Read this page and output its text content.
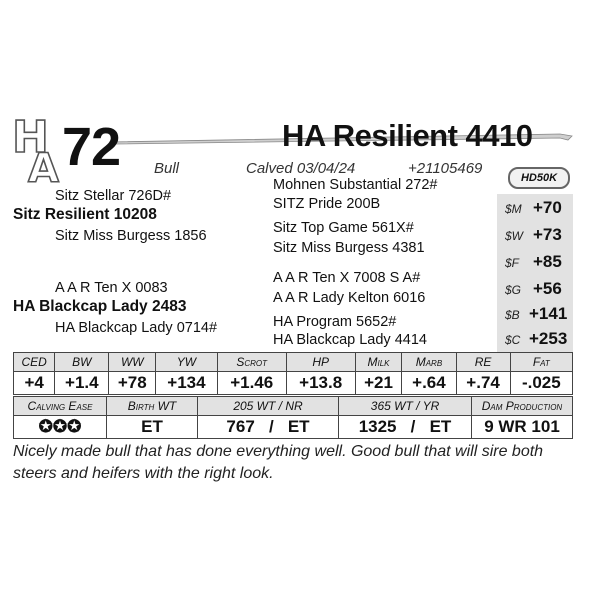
H
A 72	HA Resilient 4410
Bull	Calved 03/04/24	+21105469
HD50K
Sitz Stellar 726D#
Sitz Resilient 10208
Sitz Miss Burgess 1856
A A R Ten X 0083
HA Blackcap Lady 2483
HA Blackcap Lady 0714#
Mohnen Substantial 272#
SITZ Pride 200B
Sitz Top Game 561X#
Sitz Miss Burgess 4381
A A R Ten X 7008 S A#
A A R Lady Kelton 6016
HA Program 5652#
HA Blackcap Lady 4414
$M +70
$W +73
$F +85
$G +56
$B +141
$C +253
CED	BW	WW	YW	Scrot	HP	Milk	Marb	RE	Fat
+4	+1.4	+78	+134	+1.46	+13.8	+21	+.64	+.74	-.025
Calving Ease	Birth WT	205 WT / NR	365 WT / YR	Dam Production
✪✪✪	ET	767   /   ET	1325   /   ET	9 WR 101
Nicely made bull that has done everything well. Good bull that will sire both steers and heifers with the right look.
